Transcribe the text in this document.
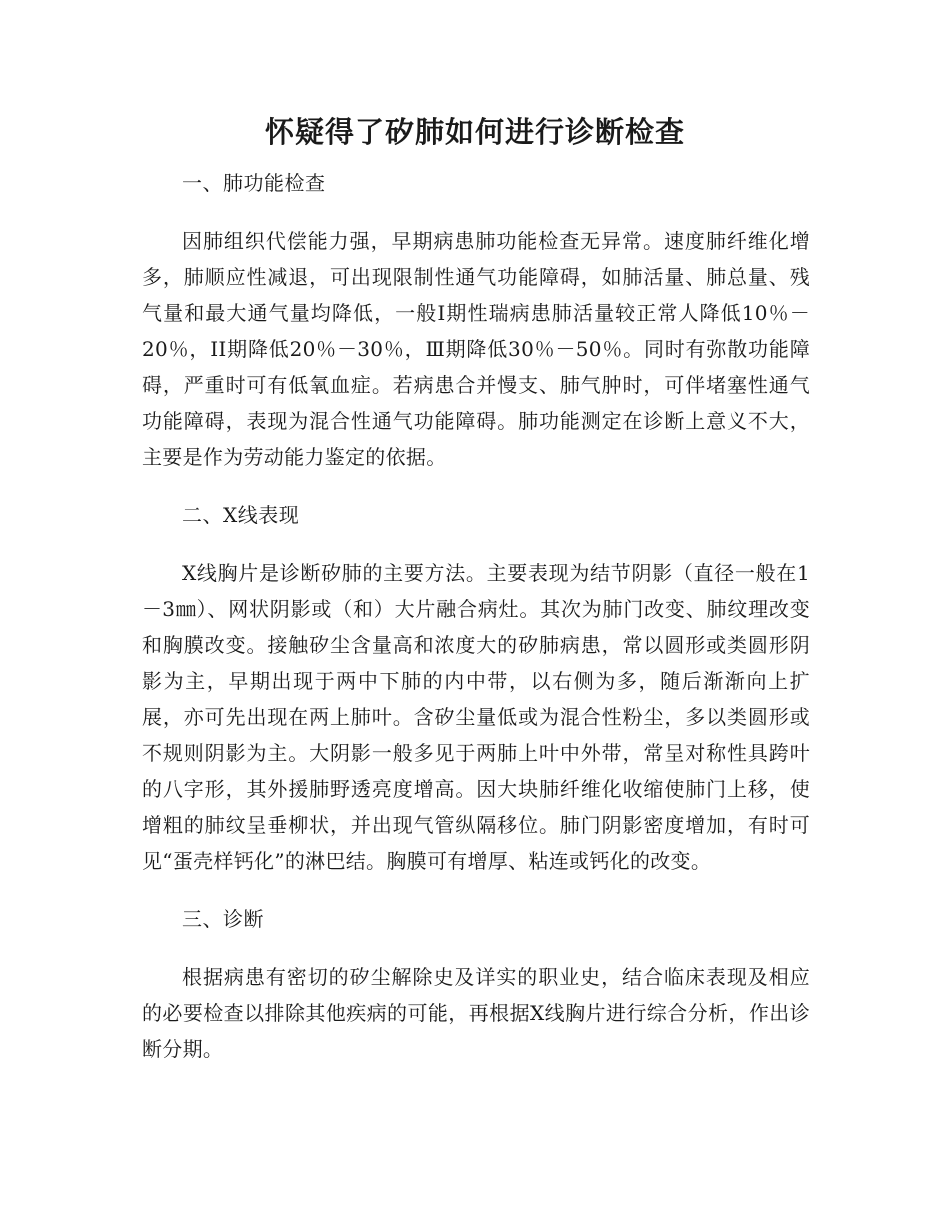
怀疑得了矽肺如何进行诊断检查
一、肺功能检查
因肺组织代偿能力强，早期病患肺功能检查无异常。速度肺纤维化增多，肺顺应性减退，可出现限制性通气功能障碍，如肺活量、肺总量、残气量和最大通气量均降低，一般Ⅰ期性瑞病患肺活量较正常人降低10％－20％，II期降低20％－30％，Ⅲ期降低30％－50％。同时有弥散功能障碍，严重时可有低氧血症。若病患合并慢支、肺气肿时，可伴堵塞性通气功能障碍，表现为混合性通气功能障碍。肺功能测定在诊断上意义不大，主要是作为劳动能力鉴定的依据。
二、X线表现
X线胸片是诊断矽肺的主要方法。主要表现为结节阴影（直径一般在1－3㎜）、网状阴影或（和）大片融合病灶。其次为肺门改变、肺纹理改变和胸膜改变。接触矽尘含量高和浓度大的矽肺病患，常以圆形或类圆形阴影为主，早期出现于两中下肺的内中带，以右侧为多，随后渐渐向上扩展，亦可先出现在两上肺叶。含矽尘量低或为混合性粉尘，多以类圆形或不规则阴影为主。大阴影一般多见于两肺上叶中外带，常呈对称性具跨叶的八字形，其外援肺野透亮度增高。因大块肺纤维化收缩使肺门上移，使增粗的肺纹呈垂柳状，并出现气管纵隔移位。肺门阴影密度增加，有时可见“蛋壳样钙化”的淋巴结。胸膜可有增厚、粘连或钙化的改变。
三、诊断
根据病患有密切的矽尘解除史及详实的职业史，结合临床表现及相应的必要检查以排除其他疾病的可能，再根据X线胸片进行综合分析，作出诊断分期。
